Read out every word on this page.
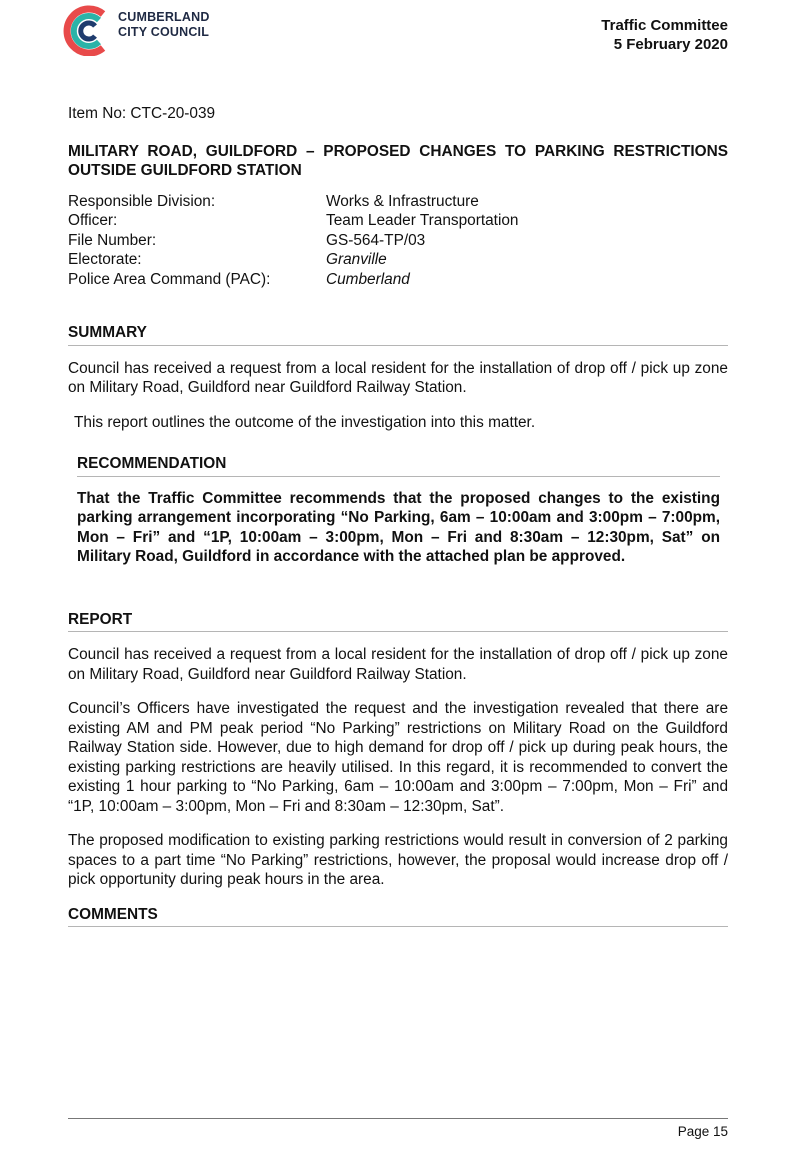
CUMBERLAND
CITY COUNCIL	Traffic Committee
5 February 2020
Item No: CTC-20-039
MILITARY ROAD, GUILDFORD – PROPOSED CHANGES TO PARKING RESTRICTIONS OUTSIDE GUILDFORD STATION
Responsible Division:	Works & Infrastructure
Officer:	Team Leader Transportation
File Number:	GS-564-TP/03
Electorate:	Granville
Police Area Command (PAC):	Cumberland
SUMMARY

Council has received a request from a local resident for the installation of drop off / pick up zone on Military Road, Guildford near Guildford Railway Station.

This report outlines the outcome of the investigation into this matter.

RECOMMENDATION

That the Traffic Committee recommends that the proposed changes to the existing parking arrangement incorporating “No Parking, 6am – 10:00am and 3:00pm – 7:00pm, Mon – Fri” and “1P, 10:00am – 3:00pm, Mon – Fri and 8:30am – 12:30pm, Sat” on Military Road, Guildford in accordance with the attached plan be approved.

REPORT

Council has received a request from a local resident for the installation of drop off / pick up zone on Military Road, Guildford near Guildford Railway Station.

Council’s Officers have investigated the request and the investigation revealed that there are existing AM and PM peak period “No Parking” restrictions on Military Road on the Guildford Railway Station side. However, due to high demand for drop off / pick up during peak hours, the existing parking restrictions are heavily utilised. In this regard, it is recommended to convert the existing 1 hour parking to “No Parking, 6am – 10:00am and 3:00pm – 7:00pm, Mon – Fri” and “1P, 10:00am – 3:00pm, Mon – Fri and 8:30am – 12:30pm, Sat”.

The proposed modification to existing parking restrictions would result in conversion of 2 parking spaces to a part time “No Parking” restrictions, however, the proposal would increase drop off / pick opportunity during peak hours in the area.

COMMENTS
Page 15
